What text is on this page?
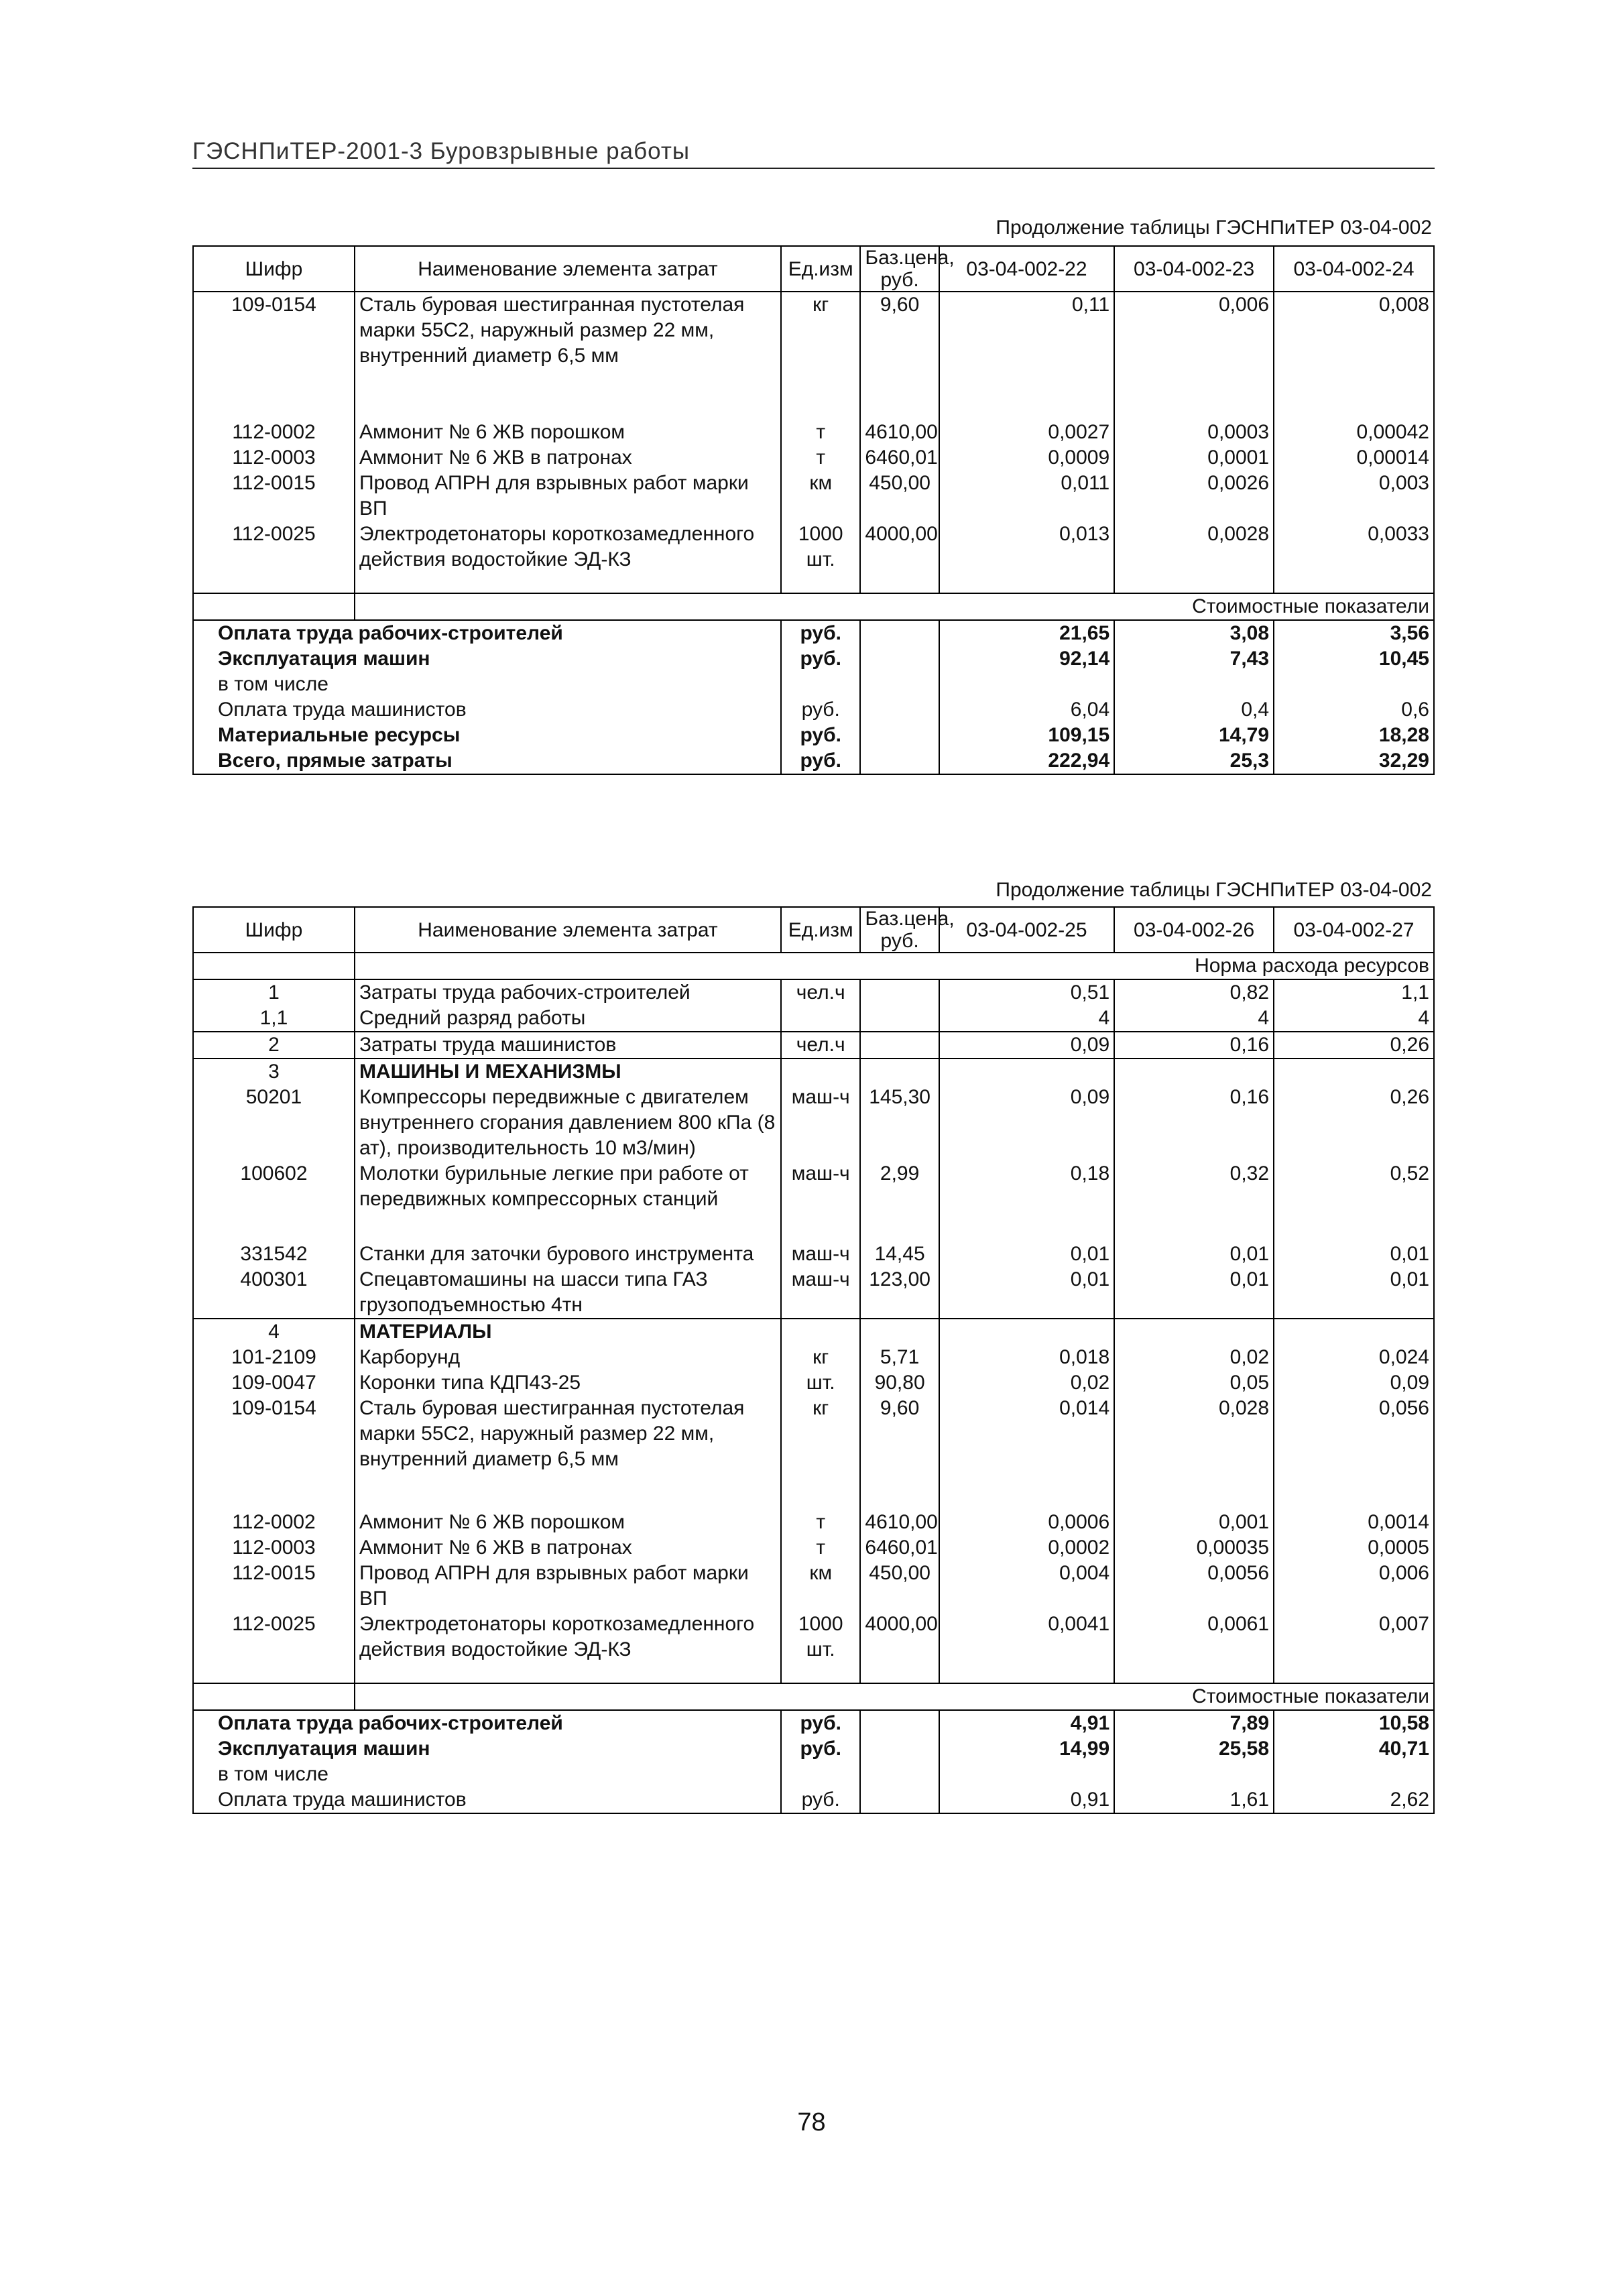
ГЭСНПиТЕР-2001-3 Буровзрывные работы
Продолжение таблицы ГЭСНПиТЕР 03-04-002
Шифр	Наименование элемента затрат	Ед.изм	Баз.цена, руб.	03-04-002-22	03-04-002-23	03-04-002-24
109-0154	Сталь буровая шестигранная пустотелая марки 55С2, наружный размер 22 мм, внутренний диаметр 6,5 мм	кг	9,60	0,11	0,006	0,008
112-0002	Аммонит № 6 ЖВ порошком	т	4610,00	0,0027	0,0003	0,00042
112-0003	Аммонит № 6 ЖВ в патронах	т	6460,01	0,0009	0,0001	0,00014
112-0015	Провод АПРН для взрывных работ марки ВП	км	450,00	0,011	0,0026	0,003
112-0025	Электродетонаторы короткозамедленного действия водостойкие ЭД-КЗ	1000 шт.	4000,00	0,013	0,0028	0,0033

	Стоимостные показатели					
Оплата труда рабочих-строителей		руб.		21,65	3,08	3,56
Эксплуатация машин		руб.		92,14	7,43	10,45
в том числе						
Оплата труда машинистов		руб.		6,04	0,4	0,6
Материальные ресурсы		руб.		109,15	14,79	18,28
Всего, прямые затраты		руб.		222,94	25,3	32,29
Продолжение таблицы ГЭСНПиТЕР 03-04-002
Шифр	Наименование элемента затрат	Ед.изм	Баз.цена, руб.	03-04-002-25	03-04-002-26	03-04-002-27
	Норма расхода ресурсов					
1	Затраты труда рабочих-строителей	чел.ч		0,51	0,82	1,1
1,1	Средний разряд работы			4	4	4
2	Затраты труда машинистов	чел.ч		0,09	0,16	0,26
3	МАШИНЫ И МЕХАНИЗМЫ					
50201	Компрессоры передвижные с двигателем внутреннего сгорания давлением 800 кПа (8 ат), производительность 10 м3/мин)	маш-ч	145,30	0,09	0,16	0,26
100602	Молотки бурильные легкие при работе от передвижных компрессорных станций	маш-ч	2,99	0,18	0,32	0,52
331542	Станки для заточки бурового инструмента	маш-ч	14,45	0,01	0,01	0,01
400301	Спецавтомашины на шасси типа ГАЗ грузоподъемностью 4тн	маш-ч	123,00	0,01	0,01	0,01
4	МАТЕРИАЛЫ					
101-2109	Карборунд	кг	5,71	0,018	0,02	0,024
109-0047	Коронки типа КДП43-25	шт.	90,80	0,02	0,05	0,09
109-0154	Сталь буровая шестигранная пустотелая марки 55С2, наружный размер 22 мм, внутренний диаметр 6,5 мм	кг	9,60	0,014	0,028	0,056
112-0002	Аммонит № 6 ЖВ порошком	т	4610,00	0,0006	0,001	0,0014
112-0003	Аммонит № 6 ЖВ в патронах	т	6460,01	0,0002	0,00035	0,0005
112-0015	Провод АПРН для взрывных работ марки ВП	км	450,00	0,004	0,0056	0,006
112-0025	Электродетонаторы короткозамедленного действия водостойкие ЭД-КЗ	1000 шт.	4000,00	0,0041	0,0061	0,007

	Стоимостные показатели					
Оплата труда рабочих-строителей		руб.		4,91	7,89	10,58
Эксплуатация машин		руб.		14,99	25,58	40,71
в том числе						
Оплата труда машинистов		руб.		0,91	1,61	2,62
78
